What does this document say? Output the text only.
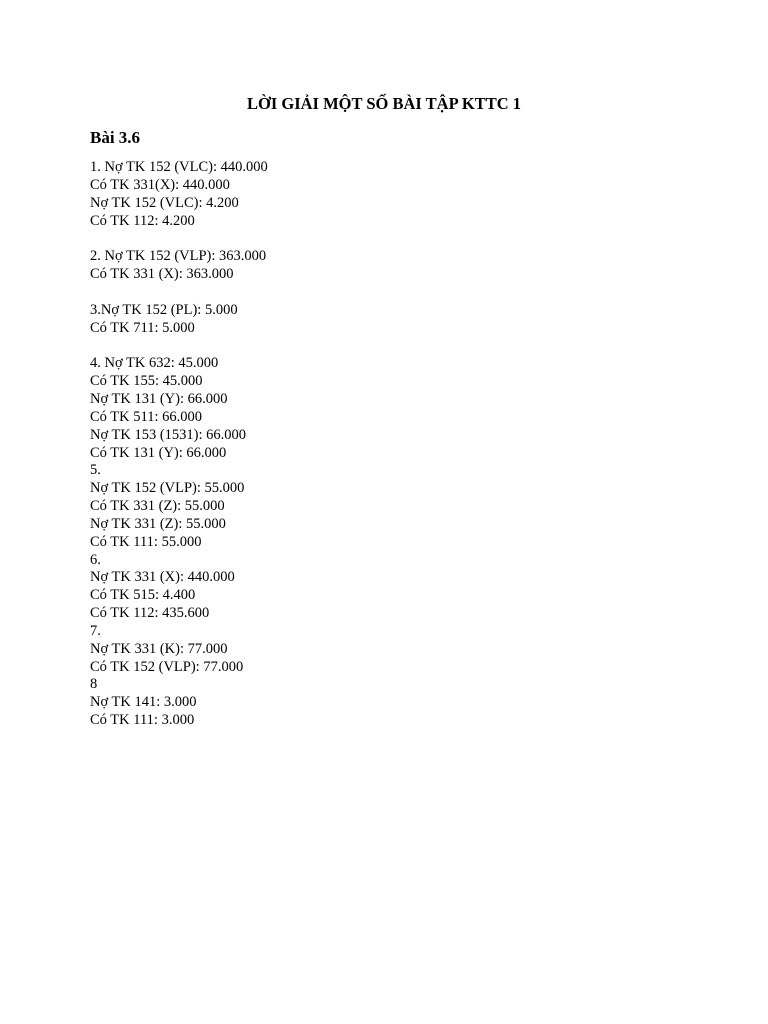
LỜI GIẢI MỘT SỐ BÀI TẬP KTTC 1
Bài 3.6
1. Nợ TK 152 (VLC): 440.000
Có TK 331(X): 440.000
Nợ TK 152 (VLC): 4.200
Có TK 112: 4.200
2. Nợ TK 152 (VLP): 363.000
Có TK 331 (X): 363.000
3.Nợ TK 152 (PL): 5.000
Có TK 711: 5.000
4. Nợ TK 632: 45.000
Có TK 155: 45.000
Nợ TK 131 (Y): 66.000
Có TK 511: 66.000
Nợ TK 153 (1531): 66.000
Có TK 131 (Y): 66.000
5.
Nợ TK 152 (VLP): 55.000
Có TK 331 (Z): 55.000
Nợ TK 331 (Z): 55.000
Có TK 111: 55.000
6.
Nợ TK 331 (X): 440.000
Có TK 515: 4.400
Có TK 112: 435.600
7.
Nợ TK 331 (K): 77.000
Có TK 152 (VLP): 77.000
8
Nợ TK 141: 3.000
Có TK 111: 3.000
